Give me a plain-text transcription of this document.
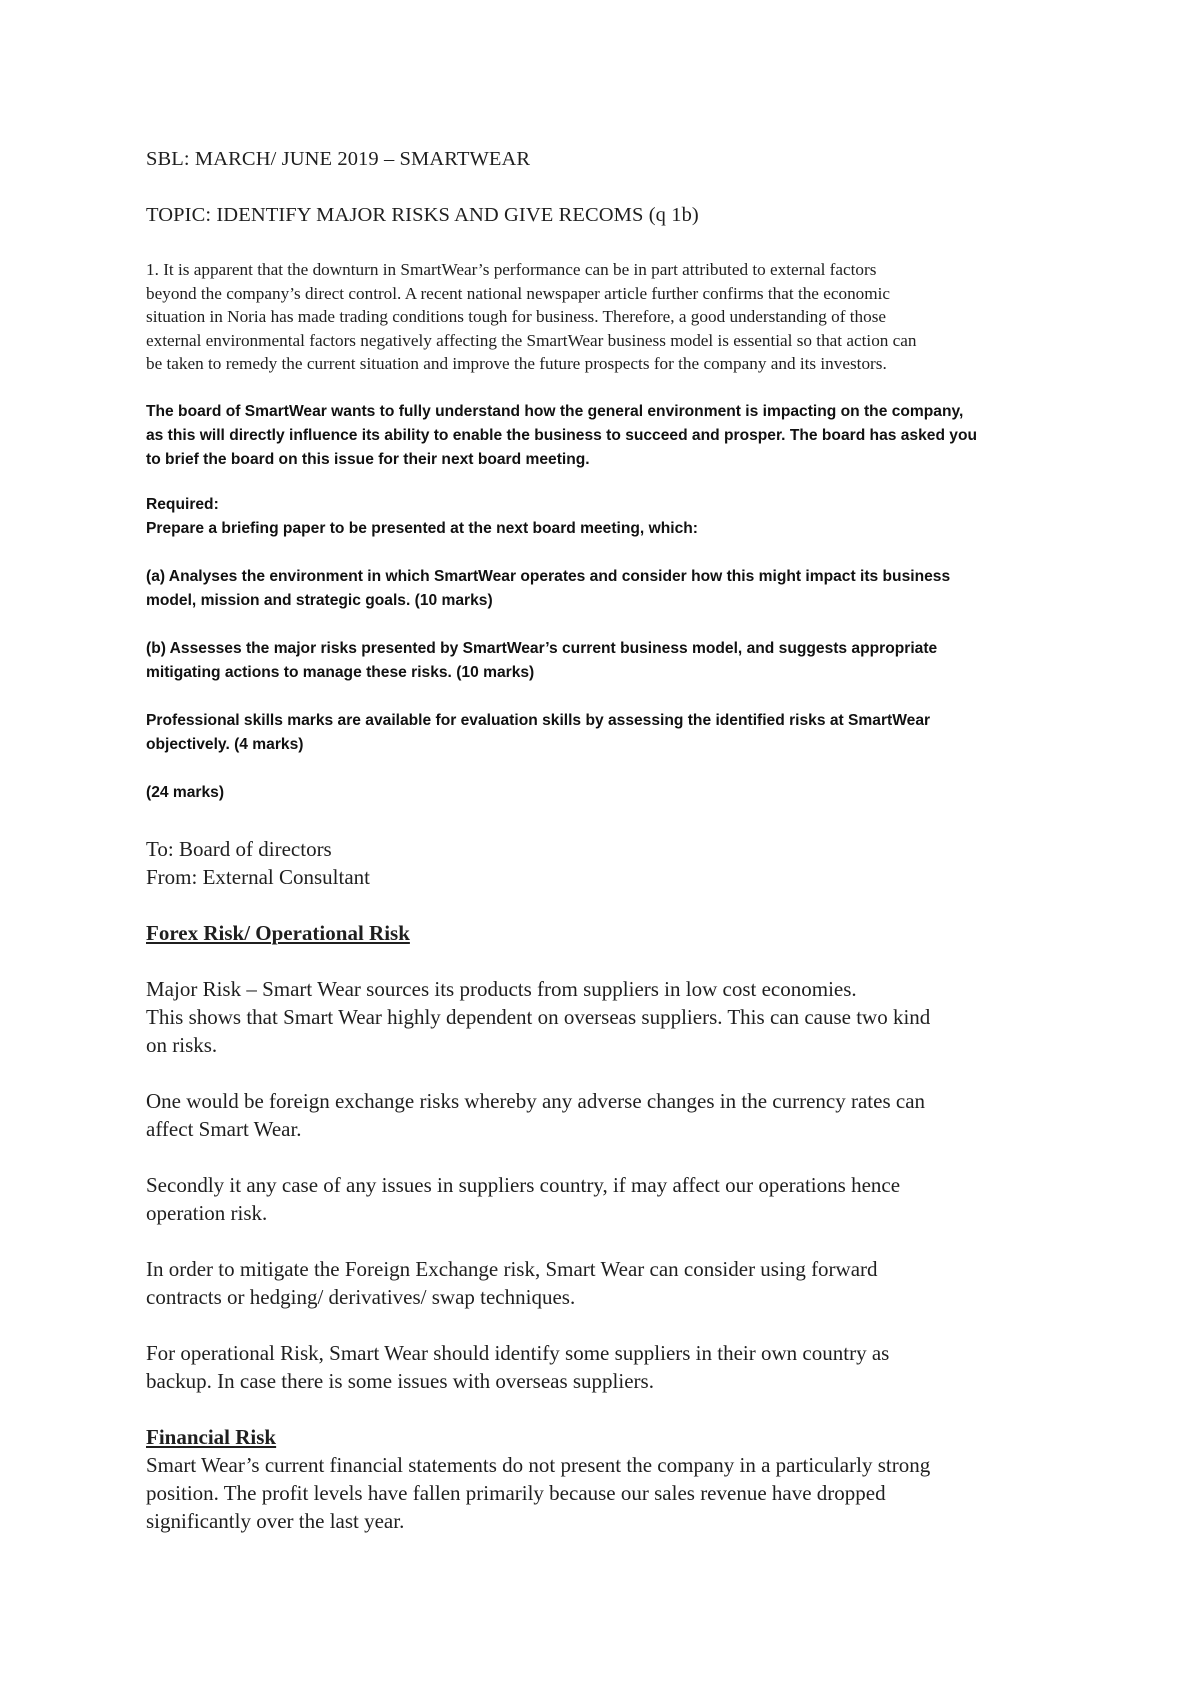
SBL: MARCH/ JUNE 2019 – SMARTWEAR

TOPIC: IDENTIFY MAJOR RISKS AND GIVE RECOMS (q 1b)

1. It is apparent that the downturn in SmartWear’s performance can be in part attributed to external factors
beyond the company’s direct control. A recent national newspaper article further confirms that the economic
situation in Noria has made trading conditions tough for business. Therefore, a good understanding of those
external environmental factors negatively affecting the SmartWear business model is essential so that action can
be taken to remedy the current situation and improve the future prospects for the company and its investors.

The board of SmartWear wants to fully understand how the general environment is impacting on the company,
as this will directly influence its ability to enable the business to succeed and prosper. The board has asked you
to brief the board on this issue for their next board meeting.

Required:
Prepare a briefing paper to be presented at the next board meeting, which:

(a) Analyses the environment in which SmartWear operates and consider how this might impact its business
model, mission and strategic goals. (10 marks)

(b) Assesses the major risks presented by SmartWear’s current business model, and suggests appropriate
mitigating actions to manage these risks. (10 marks)

Professional skills marks are available for evaluation skills by assessing the identified risks at SmartWear
objectively. (4 marks)

(24 marks)

To: Board of directors
From: External Consultant
Forex Risk/ Operational Risk

Major Risk – Smart Wear sources its products from suppliers in low cost economies.
This shows that Smart Wear highly dependent on overseas suppliers. This can cause two kind
on risks.

One would be foreign exchange risks whereby any adverse changes in the currency rates can
affect Smart Wear.

Secondly it any case of any issues in suppliers country, if may affect our operations hence
operation risk.

In order to mitigate the Foreign Exchange risk, Smart Wear can consider using forward
contracts or hedging/ derivatives/ swap techniques.

For operational Risk, Smart Wear should identify some suppliers in their own country as
backup. In case there is some issues with overseas suppliers.

Financial Risk

Smart Wear’s current financial statements do not present the company in a particularly strong
position. The profit levels have fallen primarily because our sales revenue have dropped
significantly over the last year.
